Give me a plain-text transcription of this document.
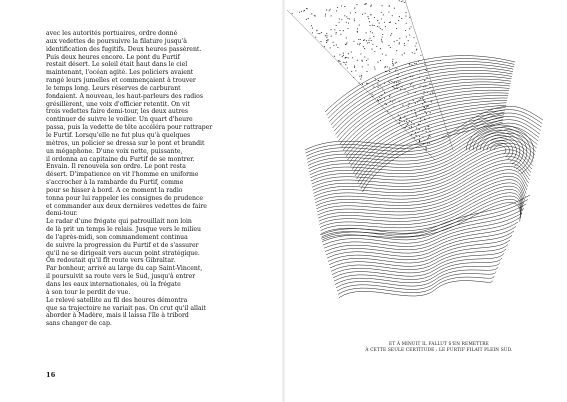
avec les autorités portuaires, ordre donné
aux vedettes de poursuivre la filature jusqu'à
identification des fugitifs. Deux heures passèrent.
Puis deux heures encore. Le pont du Furtif
restait désert. Le soleil était haut dans le ciel
maintenant, l'océan agité. Les policiers avaient
rangé leurs jumelles et commençaient à trouver
le temps long. Leurs réserves de carburant
fondaient. A nouveau, les haut-parleurs des radios
grésillèrent, une voix d'officier retentit. On vit
trois vedettes faire demi-tour, les deux autres
continuer de suivre le voilier. Un quart d'heure
passa, puis la vedette de tête accéléra pour rattraper
le Furtif. Lorsqu'elle ne fut plus qu'à quelques
mètres, un policier se dressa sur le pont et brandit
un mégaphone. D'une voix nette, puissante,
il ordonna au capitaine du Furtif de se montrer.
Envain. Il renouvela son ordre. Le pont resta
désert. D'impatience on vit l'homme en uniforme
s'accrocher à la rambarde du Furtif, comme
pour se hisser à bord. A ce moment la radio
tonna pour lui rappeler les consignes de prudence
et commander aux deux dernières vedettes de faire
demi-tour.
Le radar d'une frégate qui patrouillait non loin
de là prit un temps le relais. Jusque vers le milieu
de l'après-midi, son commandement continua
de suivre la progression du Furtif et de s'assurer
qu'il ne se dirigeait vers aucun point stratégique.
On redoutait qu'il fît route vers Gibraltar.
Par bonheur, arrivé au large du cap Saint-Vincent,
il poursuivit sa route vers le Sud, jusqu'à entrer
dans les eaux internationales, où la frégate
à son tour le perdit de vue.
Le relevé satellite au fil des heures démontra
que sa trajectoire ne variait pas. On crut qu'il allait
aborder à Madère, mais il laissa l'île à tribord
sans changer de cap.
16
ET À MINUIT IL FALLUT S'EN REMETTRE
À CETTE SEULE CERTITUDE : LE FURTIF FILAIT PLEIN SUD.
